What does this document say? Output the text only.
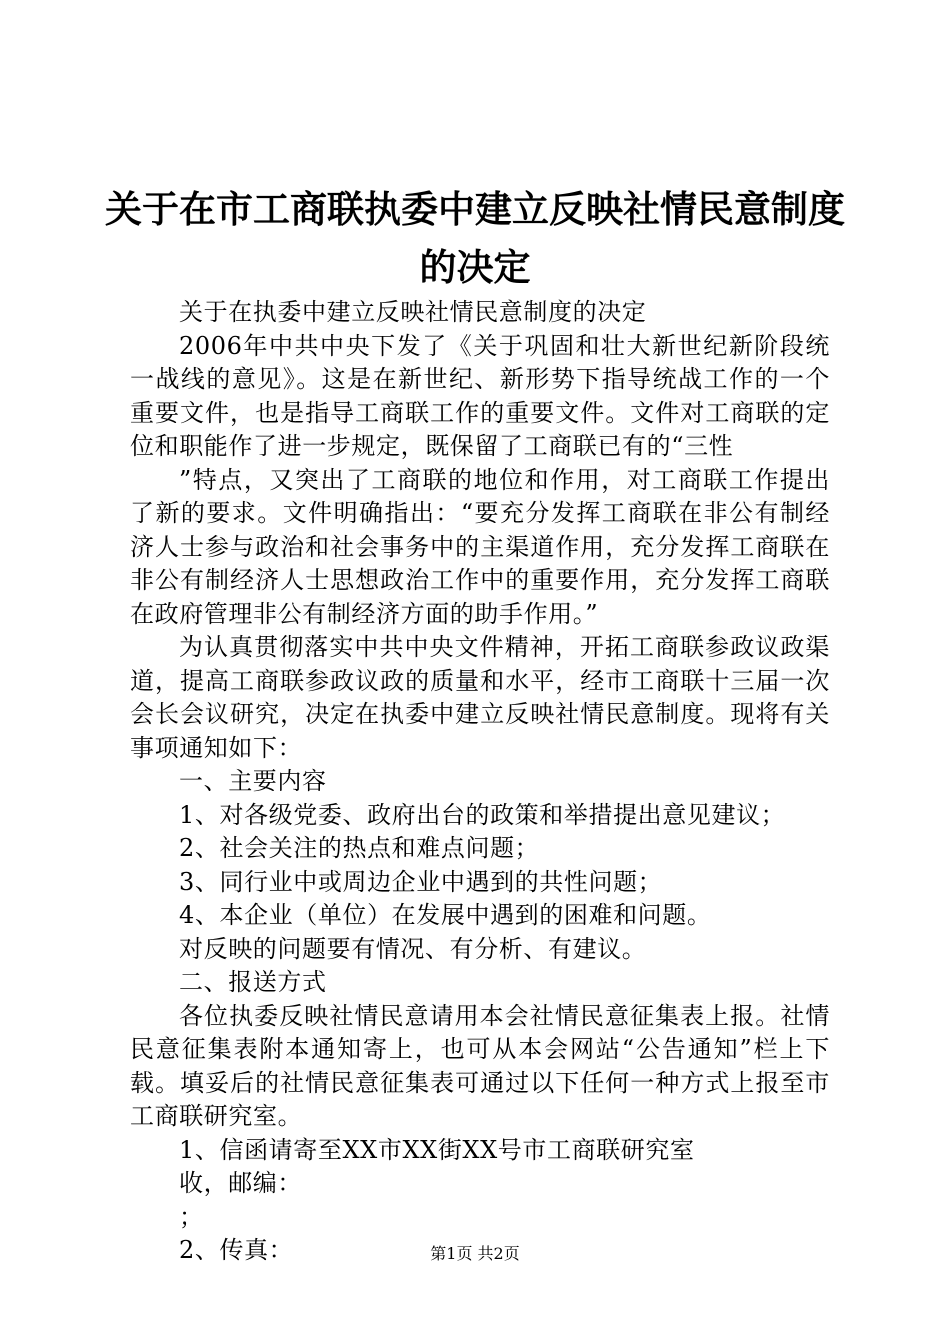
关于在市工商联执委中建立反映社情民意制度
的决定

关于在执委中建立反映社情民意制度的决定

2006年中共中央下发了《关于巩固和壮大新世纪新阶段统一战线的意见》。这是在新世纪、新形势下指导统战工作的一个重要文件，也是指导工商联工作的重要文件。文件对工商联的定位和职能作了进一步规定，既保留了工商联已有的“三性

”特点，又突出了工商联的地位和作用，对工商联工作提出了新的要求。文件明确指出：“要充分发挥工商联在非公有制经济人士参与政治和社会事务中的主渠道作用，充分发挥工商联在非公有制经济人士思想政治工作中的重要作用，充分发挥工商联在政府管理非公有制经济方面的助手作用。”

为认真贯彻落实中共中央文件精神，开拓工商联参政议政渠道，提高工商联参政议政的质量和水平，经市工商联十三届一次会长会议研究，决定在执委中建立反映社情民意制度。现将有关事项通知如下：

一、主要内容

1、对各级党委、政府出台的政策和举措提出意见建议；

2、社会关注的热点和难点问题；

3、同行业中或周边企业中遇到的共性问题；

4、本企业（单位）在发展中遇到的困难和问题。

对反映的问题要有情况、有分析、有建议。

二、报送方式

各位执委反映社情民意请用本会社情民意征集表上报。社情民意征集表附本通知寄上，也可从本会网站“公告通知”栏上下载。填妥后的社情民意征集表可通过以下任何一种方式上报至市工商联研究室。

1、信函请寄至XX市XX街XX号市工商联研究室

收，邮编：

；

2、传真：	第1页 共2页
